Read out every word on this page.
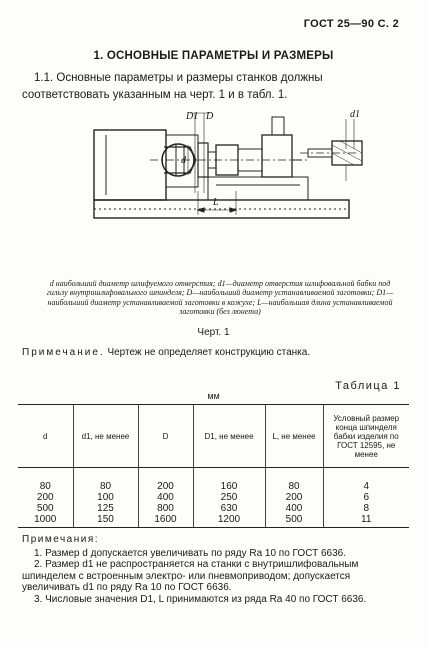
ГОСТ 25—90 С. 2
1. ОСНОВНЫЕ ПАРАМЕТРЫ И РАЗМЕРЫ
1.1. Основные параметры и размеры станков должны соответствовать указанным на черт. 1 и в табл. 1.
D1 D
d
d1
L
d наибольший диаметр шлифуемого отверстия; d1—диаметр отверстия шлифовальной бабки под гильзу внутришлифовального шпинделя; D—наибольший диаметр устанавливаемой заготовки; D1—наибольший диаметр устанавливаемой заготовки в кожухе; L—наибольшая длина устанавливаемой заготовки (без люнета)
Черт. 1
Примечание. Чертеж не определяет конструкцию станка.
Таблица 1
мм
d	d1, не менее	D	D1, не менее	L, не менее	Условный размер конца шпинделя бабки изделия по ГОСТ 12595, не менее
80	80	200	160	80	4
200	100	400	250	200	6
500	125	800	630	400	8
1000	150	1600	1200	500	11
Примечания:

1. Размер d допускается увеличивать по ряду Ra 10 по ГОСТ 6636.

2. Размер d1 не распространяется на станки с внутришлифовальным шпинделем с встроенным электро- или пневмоприводом; допускается увеличивать d1 по ряду Ra 10 по ГОСТ 6636.

3. Числовые значения D1, L принимаются из ряда Ra 40 по ГОСТ 6636.
